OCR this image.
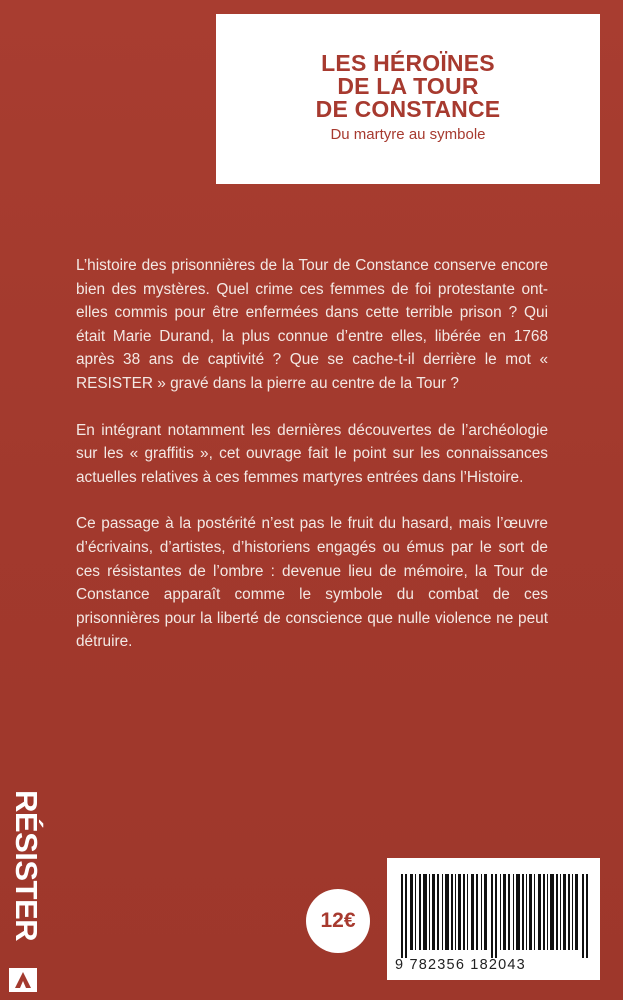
LES HÉROÏNES
DE LA TOUR
DE CONSTANCE
Du martyre au symbole

L’histoire des prisonnières de la Tour de Constance conserve encore bien des mystères. Quel crime ces femmes de foi protestante ont-elles commis pour être enfermées dans cette terrible prison ? Qui était Marie Durand, la plus connue d’entre elles, libérée en 1768 après 38 ans de captivité ? Que se cache-t-il derrière le mot « RESISTER » gravé dans la pierre au centre de la Tour ?

En intégrant notamment les dernières découvertes de l’archéologie sur les « graffitis », cet ouvrage fait le point sur les connaissances actuelles relatives à ces femmes martyres entrées dans l’Histoire.

Ce passage à la postérité n’est pas le fruit du hasard, mais l’œuvre d’écrivains, d’artistes, d’historiens engagés ou émus par le sort de ces résistantes de l’ombre : devenue lieu de mémoire, la Tour de Constance apparaît comme le symbole du combat de ces prisonnières pour la liberté de conscience que nulle violence ne peut détruire.

RÉSISTER	12€
9 782356 182043
